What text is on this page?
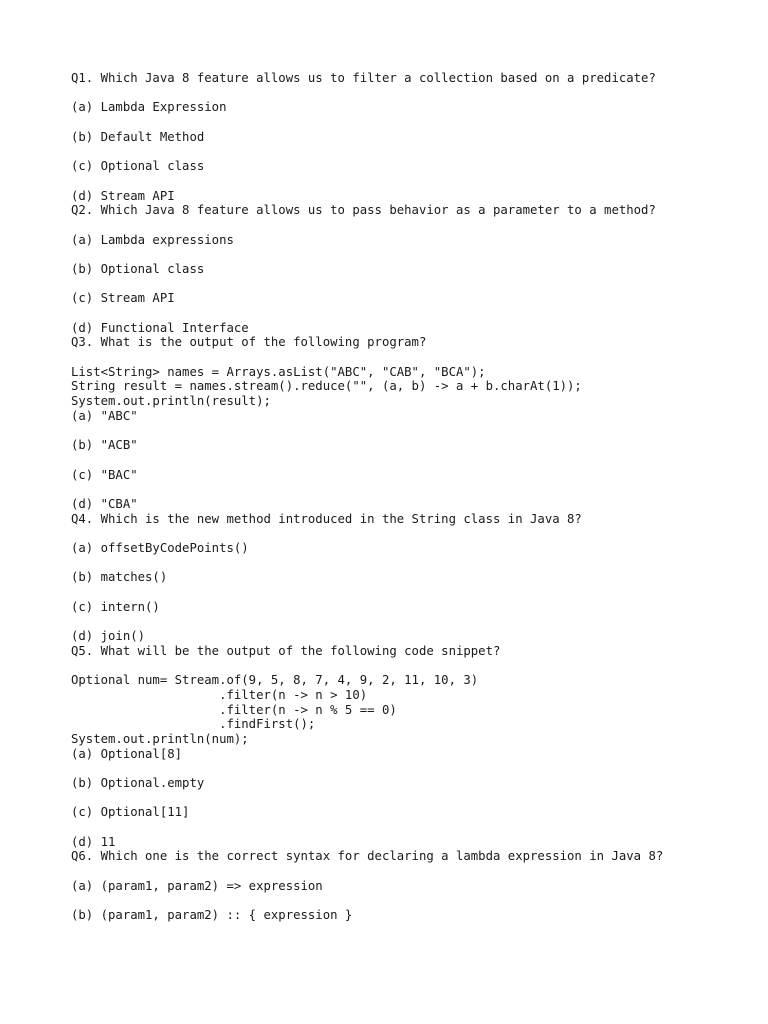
Q1. Which Java 8 feature allows us to filter a collection based on a predicate?
(a) Lambda Expression
(b) Default Method
(c) Optional class
(d) Stream API
Q2. Which Java 8 feature allows us to pass behavior as a parameter to a method?
(a) Lambda expressions
(b) Optional class
(c) Stream API
(d) Functional Interface
Q3. What is the output of the following program?
List<String> names = Arrays.asList("ABC", "CAB", "BCA");
String result = names.stream().reduce("", (a, b) -> a + b.charAt(1));
System.out.println(result);
(a) "ABC"
(b) "ACB"
(c) "BAC"
(d) "CBA"
Q4. Which is the new method introduced in the String class in Java 8?
(a) offsetByCodePoints()
(b) matches()
(c) intern()
(d) join()
Q5. What will be the output of the following code snippet?
Optional num= Stream.of(9, 5, 8, 7, 4, 9, 2, 11, 10, 3)
.filter(n -> n > 10)
.filter(n -> n % 5 == 0)
.findFirst();
System.out.println(num);
(a) Optional[8]
(b) Optional.empty
(c) Optional[11]
(d) 11
Q6. Which one is the correct syntax for declaring a lambda expression in Java 8?
(a) (param1, param2) => expression
(b) (param1, param2) :: { expression }
